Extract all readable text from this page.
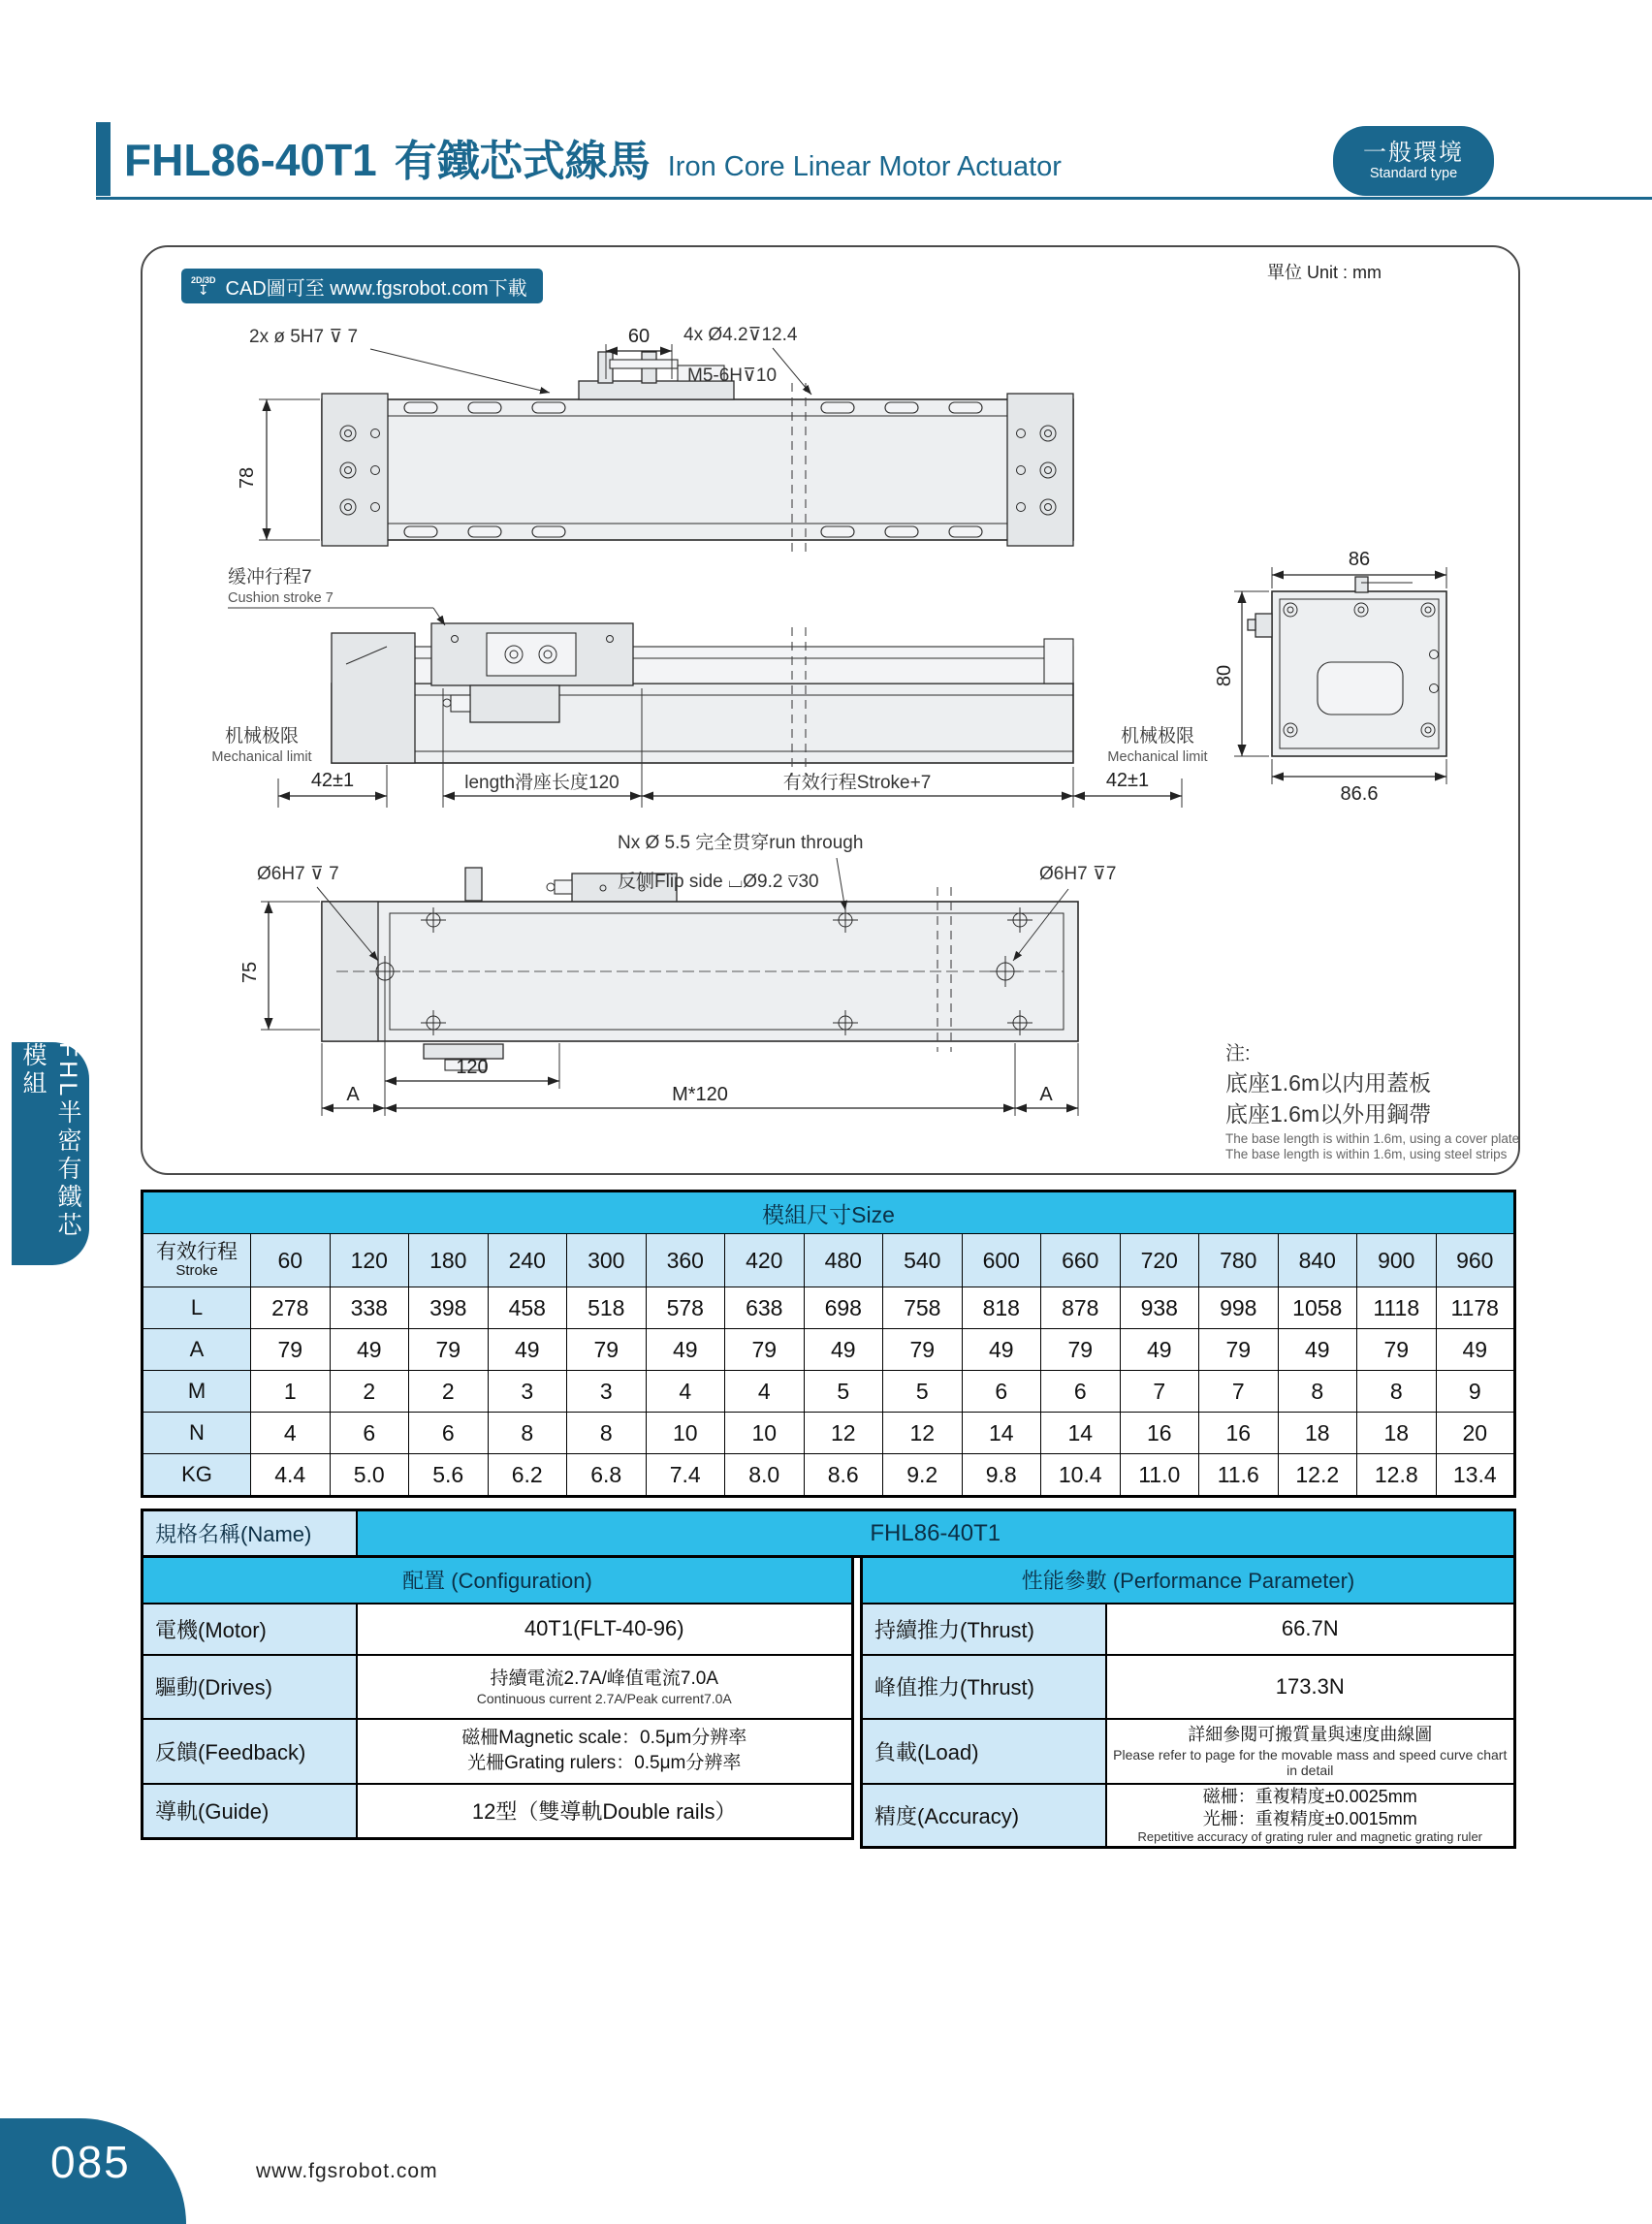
FHL86-40T1 有鐵芯式線馬 Iron Core Linear Motor Actuator	一般環境
Standard type
2D/3D
↧ CAD圖可至 www.fgsrobot.com下載
單位 Unit : mm
60
2x ø 5H7 ⊽ 7	4x Ø4.2⊽12.4
M5-6H⊽10
78
缓冲行程7
Cushion stroke 7
机械极限
Mechanical limit
机械极限
Mechanical limit
42±1	length滑座长度120	有效行程Stroke+7	42±1
86
80
86.6
Nx Ø 5.5 完全贯穿run through
反侧Flip side ⌴Ø9.2 ⊽30
Ø6H7 ⊽ 7	Ø6H7 ⊽7
75
120
A	M*120	A
注:
底座1.6m以内用蓋板
底座1.6m以外用鋼帶
The base length is within 1.6m, using a cover plate
The base length is within 1.6m, using steel strips
模組尺寸Size																

有效行程
Stroke	60	120	180	240	300	360	420	480	540	600	660	720	780	840	900	960
L	278	338	398	458	518	578	638	698	758	818	878	938	998	1058	1118	1178
A	79	49	79	49	79	49	79	49	79	49	79	49	79	49	79	49
M	1	2	2	3	3	4	4	5	5	6	6	7	7	8	8	9
N	4	6	6	8	8	10	10	12	12	14	14	16	16	18	18	20
KG	4.4	5.0	5.6	6.2	6.8	7.4	8.0	8.6	9.2	9.8	10.4	11.0	11.6	12.2	12.8	13.4
規格名稱(Name)	FHL86-40T1
配置 (Configuration)	
電機(Motor)	40T1(FLT-40-96)
驅動(Drives)	持續電流2.7A/峰值電流7.0A
Continuous current 2.7A/Peak current7.0A

反饋(Feedback)	磁柵Magnetic scale：0.5μm分辨率
光柵Grating rulers：0.5μm分辨率

導軌(Guide)	12型（雙導軌Double rails）
性能參數 (Performance Parameter)	
持續推力(Thrust)	66.7N
峰值推力(Thrust)	173.3N
負載(Load)	詳細參閱可搬質量與速度曲線圖
Please refer to page for the movable mass and speed curve chart in detail

精度(Accuracy)	磁柵：重複精度±0.0025mm
光柵：重複精度±0.0015mm
Repetitive accuracy of grating ruler and magnetic grating ruler
FHL半密有鐵芯模組
085	www.fgsrobot.com
